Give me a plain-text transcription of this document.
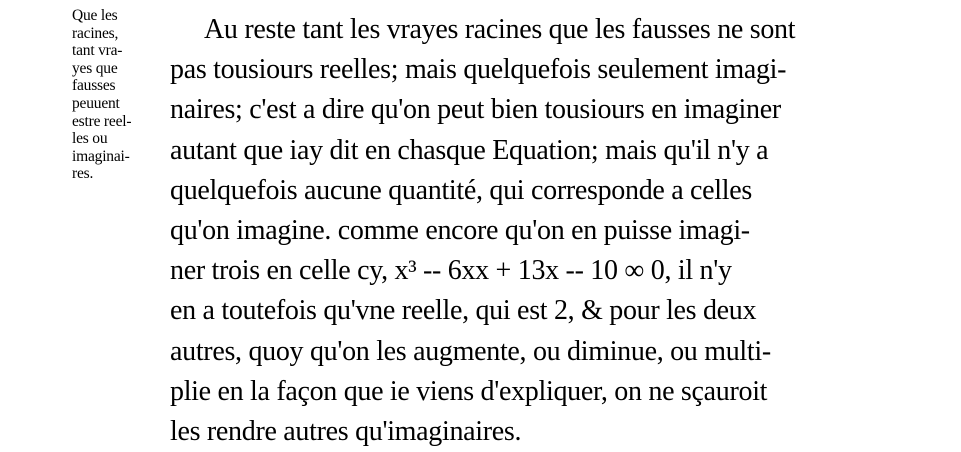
Que les
racines,
tant vra-
yes que
fausses
peuuent
estre reel-
les ou
imaginai-
res.
Au reste tant les vrayes racines que les fausses ne sont
pas tousiours reelles; mais quelquefois seulement imagi-
naires; c'est a dire qu'on peut bien tousiours en imaginer
autant que iay dit en chasque Equation; mais qu'il n'y a
quelquefois aucune quantité, qui corresponde a celles
qu'on imagine. comme encore qu'on en puisse imagi-
ner trois en celle cy, x³ -- 6xx + 13x -- 10 ∞ 0, il n'y
en a toutefois qu'vne reelle, qui est 2, & pour les deux
autres, quoy qu'on les augmente, ou diminue, ou multi-
plie en la façon que ie viens d'expliquer, on ne sçauroit
les rendre autres qu'imaginaires.
